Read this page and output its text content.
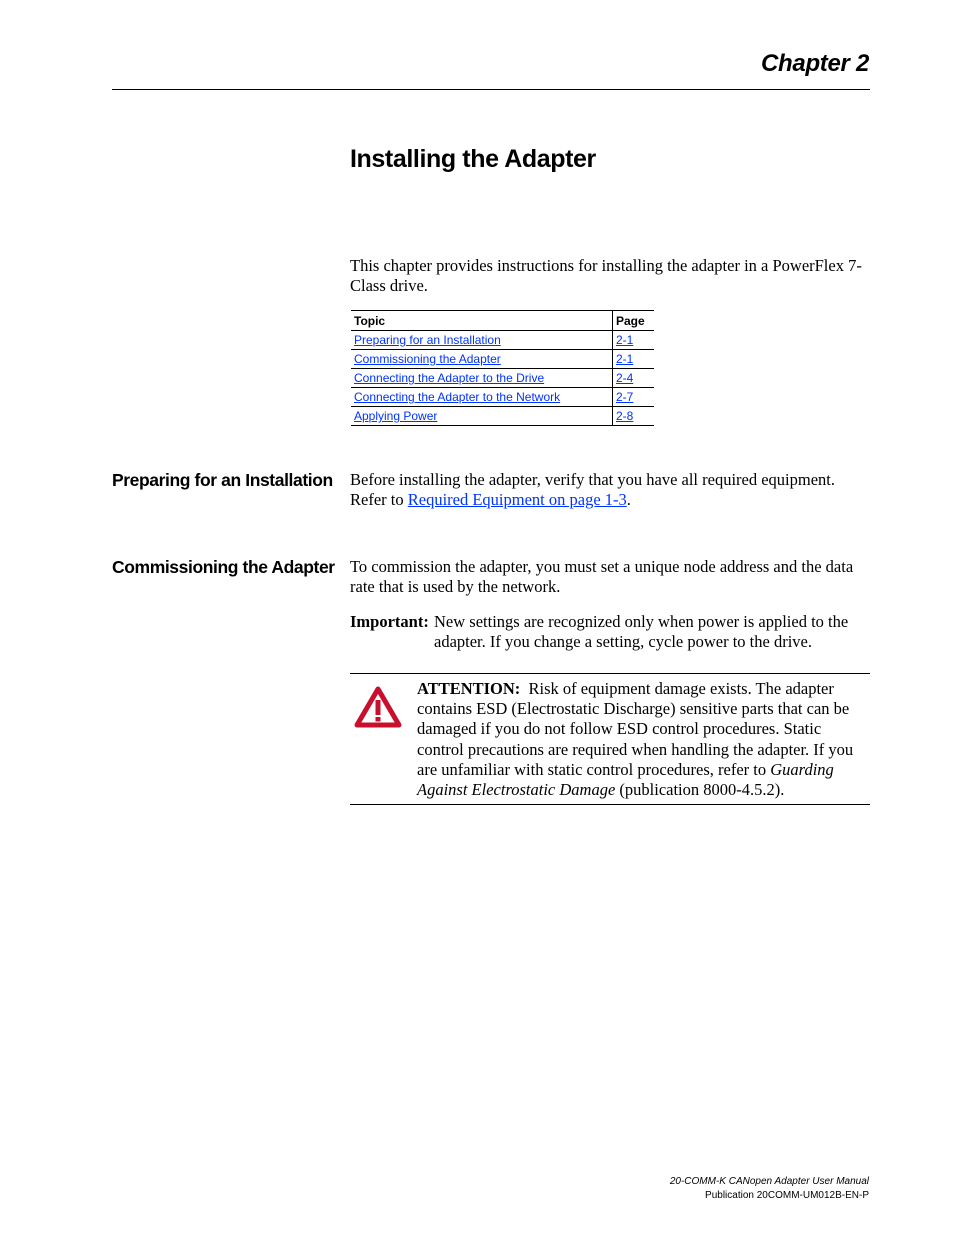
Chapter 2
Installing the Adapter

This chapter provides instructions for installing the adapter in a PowerFlex 7-Class drive.

Topic	Page
Preparing for an Installation	2-1
Commissioning the Adapter	2-1
Connecting the Adapter to the Drive	2-4
Connecting the Adapter to the Network	2-7
Applying Power	2-8
Preparing for an Installation Before installing the adapter, verify that you have all required equipment. Refer to Required Equipment on page 1-3.

Commissioning the Adapter To commission the adapter, you must set a unique node address and the data rate that is used by the network.

Important: New settings are recognized only when power is applied to the adapter. If you change a setting, cycle power to the drive.
ATTENTION: Risk of equipment damage exists. The adapter contains ESD (Electrostatic Discharge) sensitive parts that can be damaged if you do not follow ESD control procedures. Static control precautions are required when handling the adapter. If you are unfamiliar with static control procedures, refer to Guarding Against Electrostatic Damage (publication 8000-4.5.2).
20-COMM-K CANopen Adapter User Manual
Publication 20COMM-UM012B-EN-P
